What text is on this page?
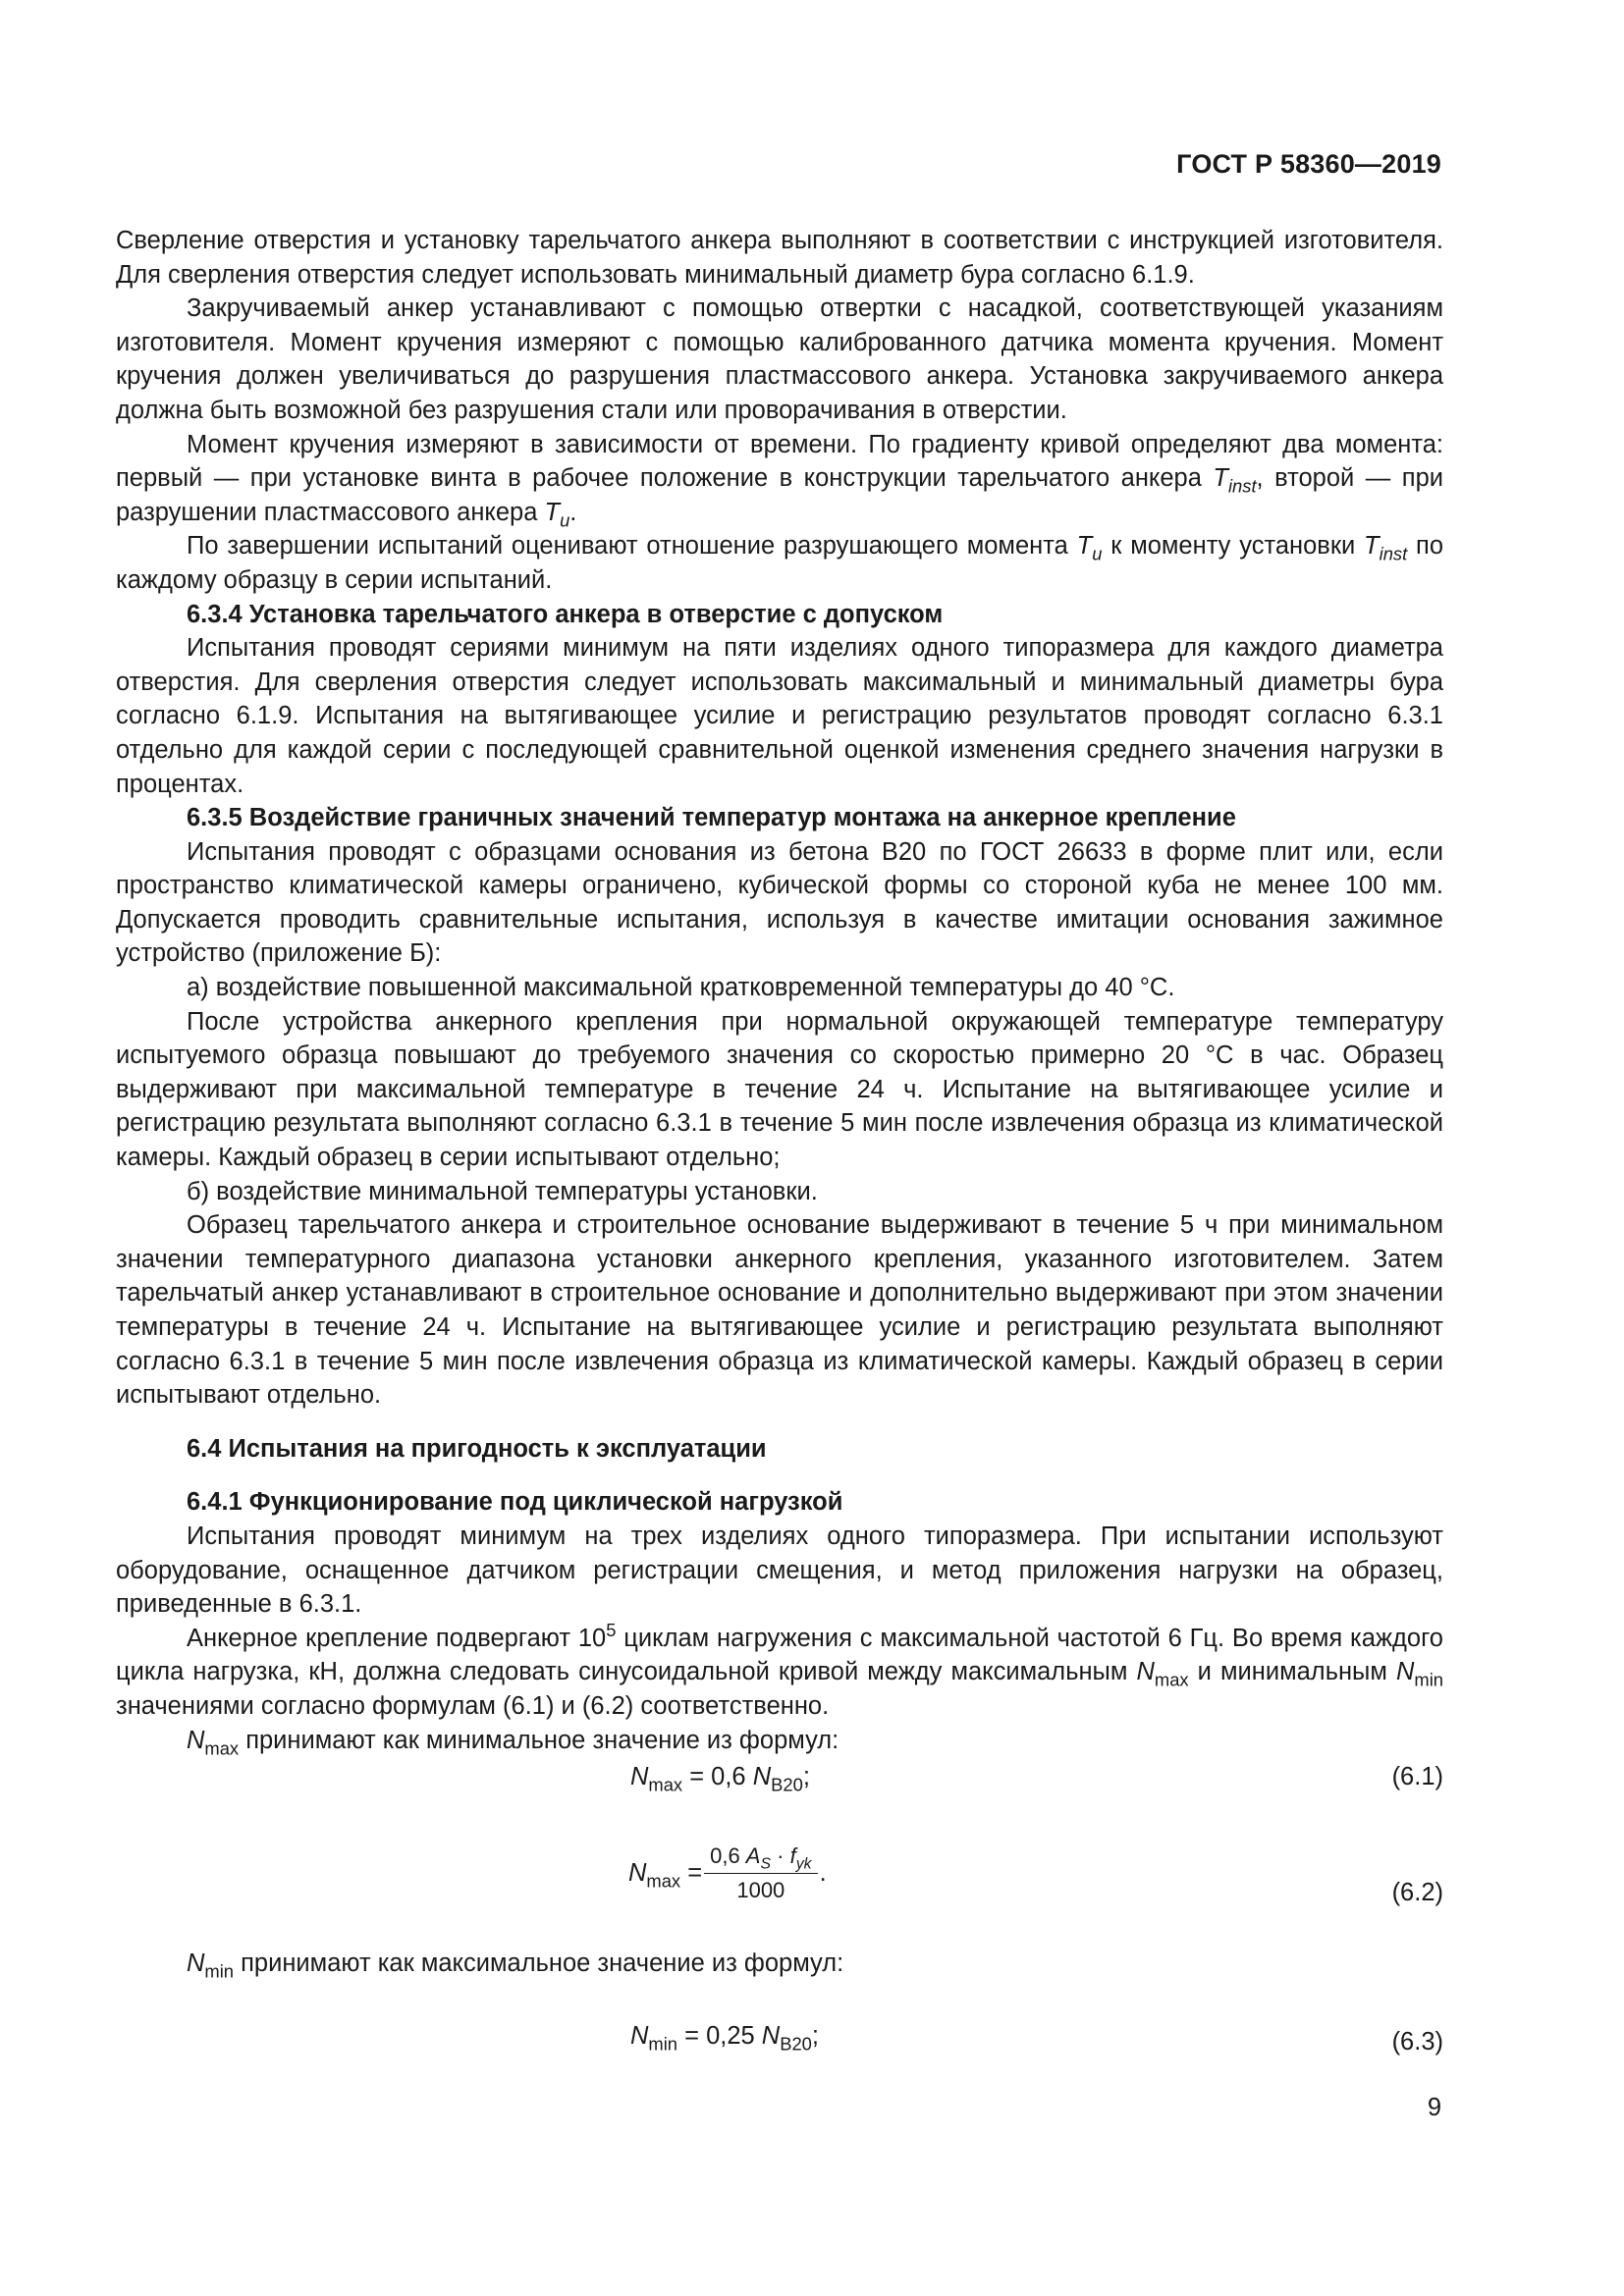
ГОСТ Р 58360—2019

Сверление отверстия и установку тарельчатого анкера выполняют в соответствии с инструкцией изготовителя. Для сверления отверстия следует использовать минимальный диаметр бура согласно 6.1.9.

Закручиваемый анкер устанавливают с помощью отвертки с насадкой, соответствующей указаниям изготовителя. Момент кручения измеряют с помощью калиброванного датчика момента кручения. Момент кручения должен увеличиваться до разрушения пластмассового анкера. Установка закручиваемого анкера должна быть возможной без разрушения стали или проворачивания в отверстии.

Момент кручения измеряют в зависимости от времени. По градиенту кривой определяют два момента: первый — при установке винта в рабочее положение в конструкции тарельчатого анкера $T_{inst}$, второй — при разрушении пластмассового анкера $T_u$.

По завершении испытаний оценивают отношение разрушающего момента $T_u$ к моменту установки $T_{inst}$ по каждому образцу в серии испытаний.

6.3.4 Установка тарельчатого анкера в отверстие с допуском

Испытания проводят сериями минимум на пяти изделиях одного типоразмера для каждого диаметра отверстия. Для сверления отверстия следует использовать максимальный и минимальный диаметры бура согласно 6.1.9. Испытания на вытягивающее усилие и регистрацию результатов проводят согласно 6.3.1 отдельно для каждой серии с последующей сравнительной оценкой изменения среднего значения нагрузки в процентах.

6.3.5 Воздействие граничных значений температур монтажа на анкерное крепление

Испытания проводят с образцами основания из бетона В20 по ГОСТ 26633 в форме плит или, если пространство климатической камеры ограничено, кубической формы со стороной куба не менее 100 мм. Допускается проводить сравнительные испытания, используя в качестве имитации основания зажимное устройство (приложение Б):

а) воздействие повышенной максимальной кратковременной температуры до 40 °C.

После устройства анкерного крепления при нормальной окружающей температуре температуру испытуемого образца повышают до требуемого значения со скоростью примерно 20 °C в час. Образец выдерживают при максимальной температуре в течение 24 ч. Испытание на вытягивающее усилие и регистрацию результата выполняют согласно 6.3.1 в течение 5 мин после извлечения образца из климатической камеры. Каждый образец в серии испытывают отдельно;

б) воздействие минимальной температуры установки.

Образец тарельчатого анкера и строительное основание выдерживают в течение 5 ч при минимальном значении температурного диапазона установки анкерного крепления, указанного изготовителем. Затем тарельчатый анкер устанавливают в строительное основание и дополнительно выдерживают при этом значении температуры в течение 24 ч. Испытание на вытягивающее усилие и регистрацию результата выполняют согласно 6.3.1 в течение 5 мин после извлечения образца из климатической камеры. Каждый образец в серии испытывают отдельно.

6.4 Испытания на пригодность к эксплуатации

6.4.1 Функционирование под циклической нагрузкой

Испытания проводят минимум на трех изделиях одного типоразмера. При испытании используют оборудование, оснащенное датчиком регистрации смещения, и метод приложения нагрузки на образец, приведенные в 6.3.1.

Анкерное крепление подвергают $10^5$ циклам нагружения с максимальной частотой 6 Гц. Во время каждого цикла нагрузка, кН, должна следовать синусоидальной кривой между максимальным $N_{max}$ и минимальным $N_{min}$ значениями согласно формулам (6.1) и (6.2) соответственно.

$N_{max}$ принимают как минимальное значение из формул:

$N_{max} = 0,6$ $N_{B20}$;	(6.1)
$N_{max} = \frac{0,6 A_S \cdot f_{yk}}{1000}$ .
(6.2)
$N_{min}$ принимают как максимальное значение из формул:
$N_{min} = 0,25$ $N_{B20}$;	(6.3)
9
